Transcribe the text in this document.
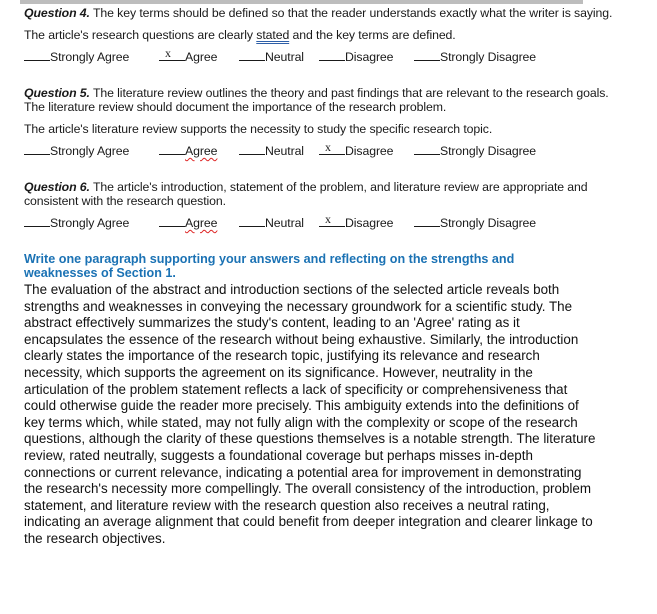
Question 4. The key terms should be defined so that the reader understands exactly what the writer is saying.

The article's research questions are clearly stated and the key terms are defined.

Strongly Agree	x Agree	Neutral	Disagree	Strongly Disagree

Question 5. The literature review outlines the theory and past findings that are relevant to the research goals. The literature review should document the importance of the research problem.

The article's literature review supports the necessity to study the specific research topic.

Strongly Agree	Agree	Neutral x Disagree	Strongly Disagree

Question 6. The article's introduction, statement of the problem, and literature review are appropriate and consistent with the research question.

Strongly Agree	Agree	Neutral x Disagree	Strongly Disagree
Write one paragraph supporting your answers and reflecting on the strengths and weaknesses of Section 1.

The evaluation of the abstract and introduction sections of the selected article reveals both strengths and weaknesses in conveying the necessary groundwork for a scientific study. The abstract effectively summarizes the study's content, leading to an 'Agree' rating as it encapsulates the essence of the research without being exhaustive. Similarly, the introduction clearly states the importance of the research topic, justifying its relevance and research necessity, which supports the agreement on its significance. However, neutrality in the articulation of the problem statement reflects a lack of specificity or comprehensiveness that could otherwise guide the reader more precisely. This ambiguity extends into the definitions of key terms which, while stated, may not fully align with the complexity or scope of the research questions, although the clarity of these questions themselves is a notable strength. The literature review, rated neutrally, suggests a foundational coverage but perhaps misses in-depth connections or current relevance, indicating a potential area for improvement in demonstrating the research's necessity more compellingly. The overall consistency of the introduction, problem statement, and literature review with the research question also receives a neutral rating, indicating an average alignment that could benefit from deeper integration and clearer linkage to the research objectives.
